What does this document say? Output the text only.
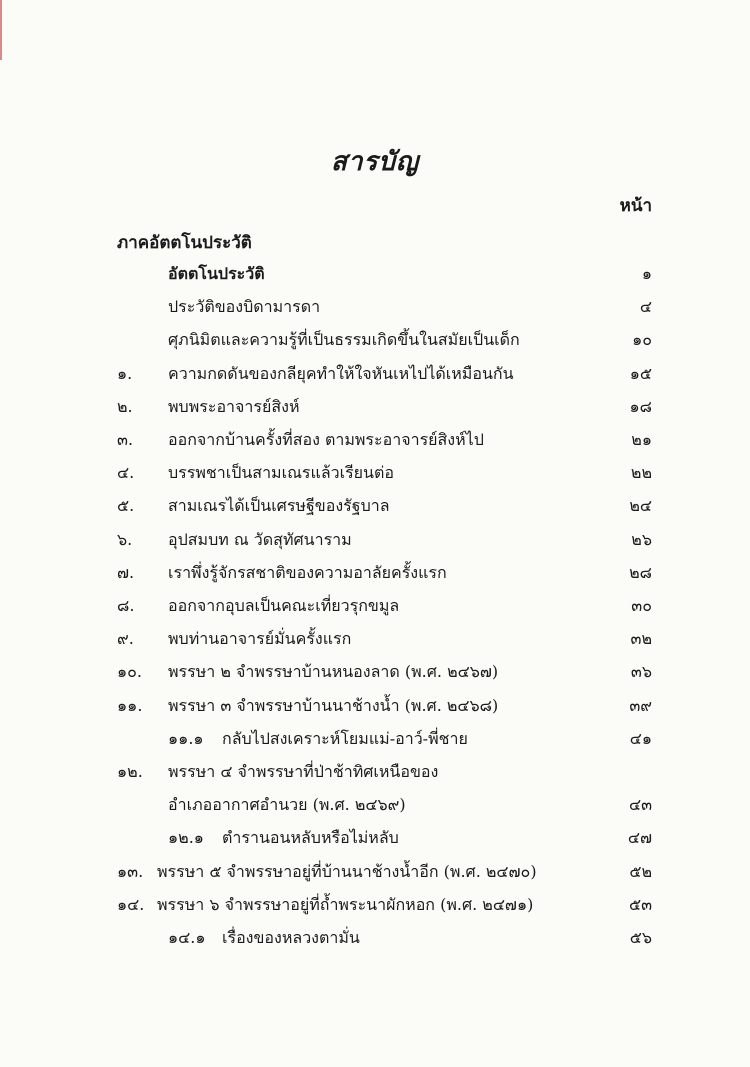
สารบัญ
หน้า
ภาคอัตตโนประวัติ
อัตตโนประวัติ	๑
ประวัติของบิดามารดา	๔
ศุภนิมิตและความรู้ที่เป็นธรรมเกิดขึ้นในสมัยเป็นเด็ก	๑๐
๑. ความกดดันของกลียุคทำให้ใจหันเหไปได้เหมือนกัน	๑๕
๒. พบพระอาจารย์สิงห์	๑๘
๓. ออกจากบ้านครั้งที่สอง ตามพระอาจารย์สิงห์ไป	๒๑
๔. บรรพชาเป็นสามเณรแล้วเรียนต่อ	๒๒
๕. สามเณรได้เป็นเศรษฐีของรัฐบาล	๒๔
๖. อุปสมบท ณ วัดสุทัศนาราม	๒๖
๗. เราพึ่งรู้จักรสชาติของความอาลัยครั้งแรก	๒๘
๘. ออกจากอุบลเป็นคณะเที่ยวรุกขมูล	๓๐
๙. พบท่านอาจารย์มั่นครั้งแรก	๓๒
๑๐. พรรษา ๒ จำพรรษาบ้านหนองลาด (พ.ศ. ๒๔๖๗)	๓๖
๑๑. พรรษา ๓ จำพรรษาบ้านนาช้างน้ำ (พ.ศ. ๒๔๖๘)	๓๙
๑๑.๑ กลับไปสงเคราะห์โยมแม่-อาว์-พี่ชาย	๔๑
๑๒. พรรษา ๔ จำพรรษาที่ป่าช้าทิศเหนือของ
อำเภออากาศอำนวย (พ.ศ. ๒๔๖๙)	๔๓
๑๒.๑ ตำรานอนหลับหรือไม่หลับ	๔๗
๑๓. พรรษา ๕ จำพรรษาอยู่ที่บ้านนาช้างน้ำอีก (พ.ศ. ๒๔๗๐)	๕๒
๑๔. พรรษา ๖ จำพรรษาอยู่ที่ถ้ำพระนาผักหอก (พ.ศ. ๒๔๗๑)	๕๓
๑๔.๑ เรื่องของหลวงตามั่น	๕๖
